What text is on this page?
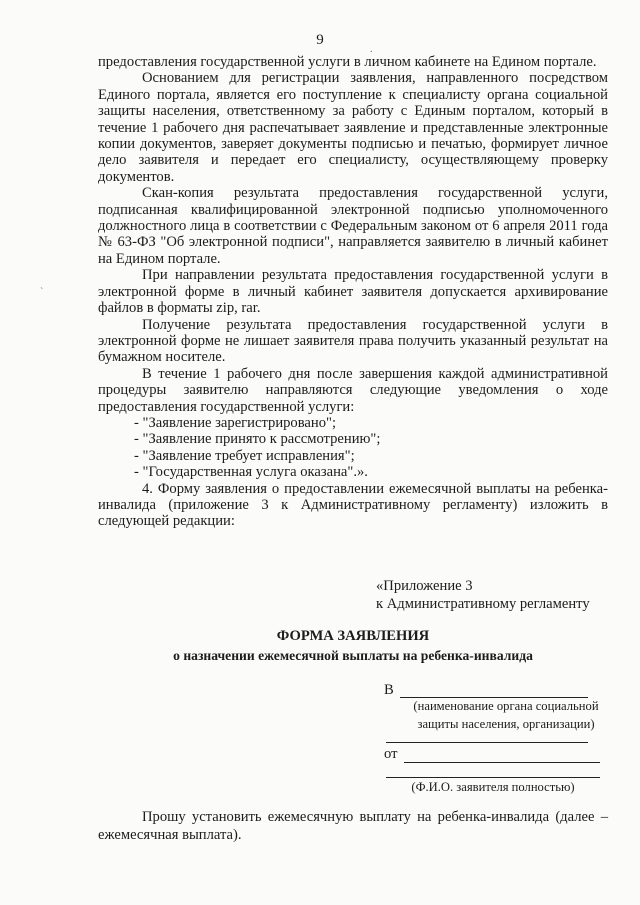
9

предоставления государственной услуги в личном кабинете на Едином портале.

Основанием для регистрации заявления, направленного посредством Единого портала, является его поступление к специалисту органа социальной защиты населения, ответственному за работу с Единым порталом, который в течение 1 рабочего дня распечатывает заявление и представленные электронные копии документов, заверяет документы подписью и печатью, формирует личное дело заявителя и передает его специалисту, осуществляющему проверку документов.

Скан-копия результата предоставления государственной услуги, подписанная квалифицированной электронной подписью уполномоченного должностного лица в соответствии с Федеральным законом от 6 апреля 2011 года № 63-ФЗ "Об электронной подписи", направляется заявителю в личный кабинет на Едином портале.

При направлении результата предоставления государственной услуги в электронной форме в личный кабинет заявителя допускается архивирование файлов в форматы zip, rar.

Получение результата предоставления государственной услуги в электронной форме не лишает заявителя права получить указанный результат на бумажном носителе.

В течение 1 рабочего дня после завершения каждой административной процедуры заявителю направляются следующие уведомления о ходе предоставления государственной услуги:

- "Заявление зарегистрировано";
- "Заявление принято к рассмотрению";
- "Заявление требует исправления";
- "Государственная услуга оказана".».

4. Форму заявления о предоставлении ежемесячной выплаты на ребенка-инвалида (приложение 3 к Административному регламенту) изложить в следующей редакции:

«Приложение 3
к Административному регламенту
ФОРМА ЗАЯВЛЕНИЯ
о назначении ежемесячной выплаты на ребенка-инвалида
В
(наименование органа социальной
защиты населения, организации)
от
(Ф.И.О. заявителя полностью)

Прошу установить ежемесячную выплату на ребенка-инвалида (далее – ежемесячная выплата).

.
`
